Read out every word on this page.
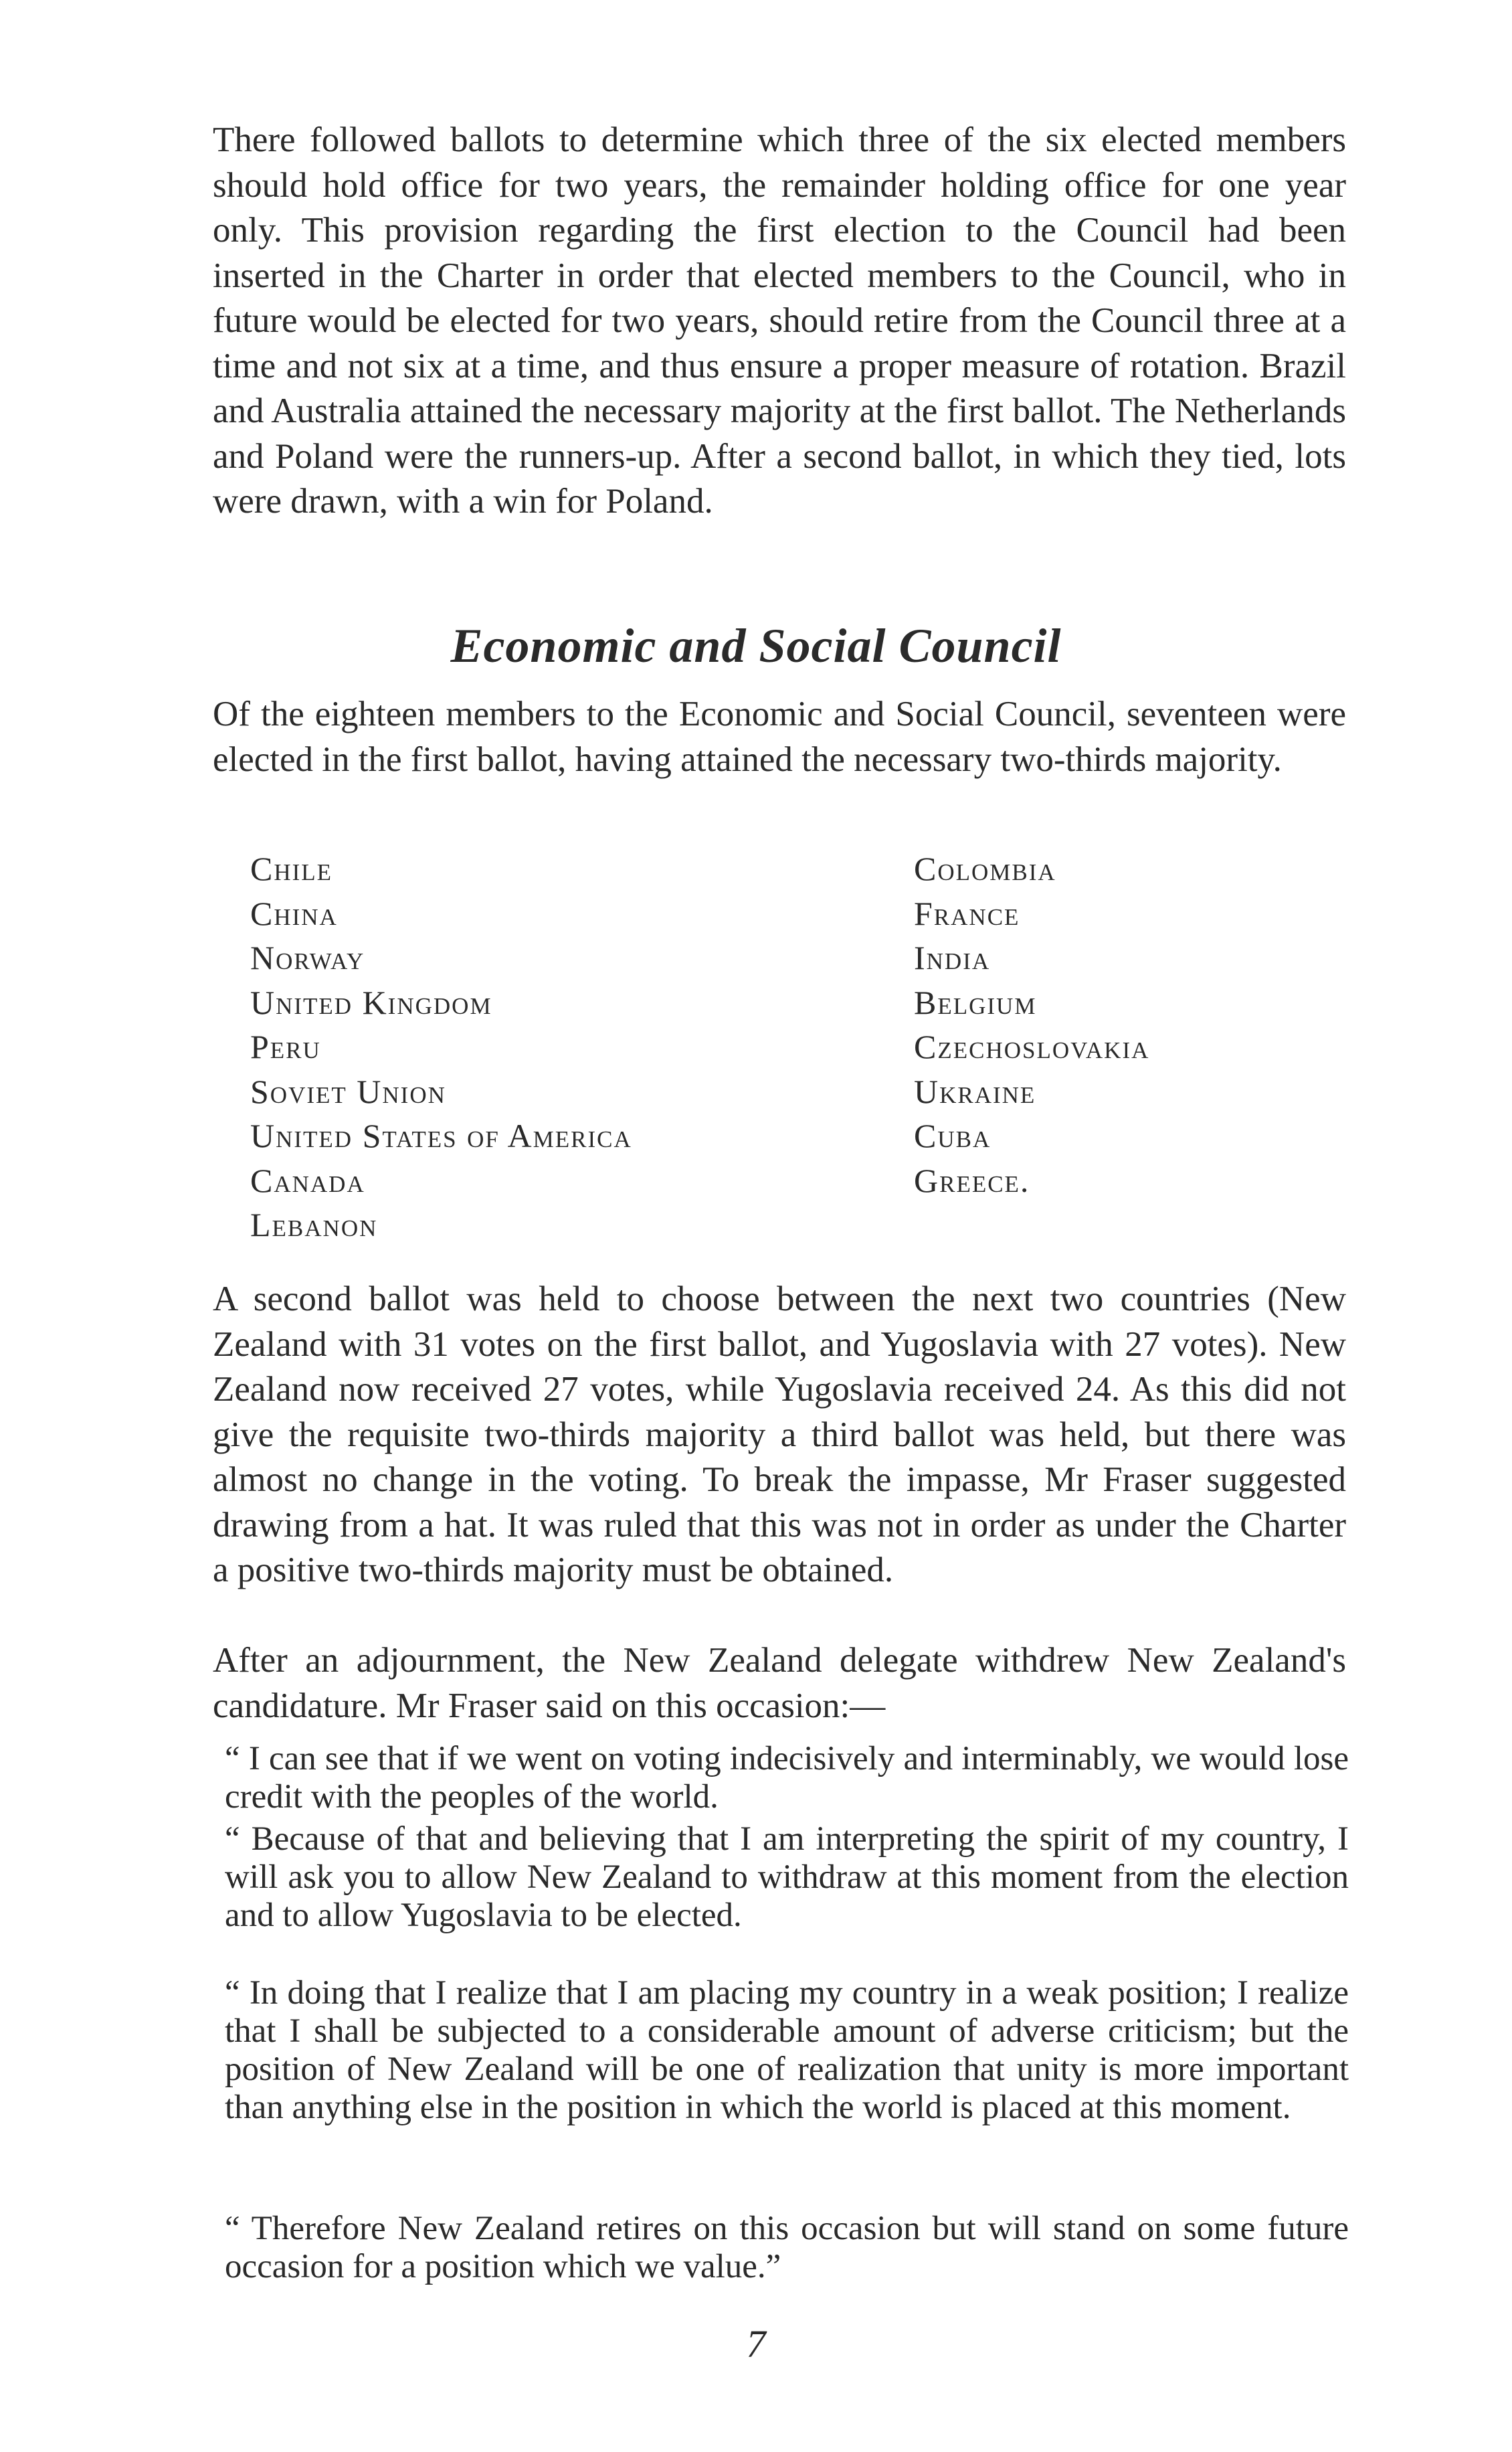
There followed ballots to determine which three of the six elected members should hold office for two years, the remainder holding office for one year only. This provision regarding the first election to the Council had been inserted in the Charter in order that elected members to the Council, who in future would be elected for two years, should retire from the Council three at a time and not six at a time, and thus ensure a proper measure of rotation. Brazil and Australia attained the necessary majority at the first ballot. The Netherlands and Poland were the runners-up. After a second ballot, in which they tied, lots were drawn, with a win for Poland.

Economic and Social Council

Of the eighteen members to the Economic and Social Council, seventeen were elected in the first ballot, having attained the necessary two-thirds majority.

Chile
China
Norway
United Kingdom
Peru
Soviet Union
United States of America
Canada
Lebanon
Colombia
France
India
Belgium
Czechoslovakia
Ukraine
Cuba
Greece.

A second ballot was held to choose between the next two countries (New Zealand with 31 votes on the first ballot, and Yugoslavia with 27 votes). New Zealand now received 27 votes, while Yugoslavia received 24. As this did not give the requisite two-thirds majority a third ballot was held, but there was almost no change in the voting. To break the impasse, Mr Fraser suggested drawing from a hat. It was ruled that this was not in order as under the Charter a positive two-thirds majority must be obtained.

After an adjournment, the New Zealand delegate withdrew New Zealand's candidature. Mr Fraser said on this occasion:—

“ I can see that if we went on voting indecisively and interminably, we would lose credit with the peoples of the world.

“ Because of that and believing that I am interpreting the spirit of my country, I will ask you to allow New Zealand to withdraw at this moment from the election and to allow Yugoslavia to be elected.

“ In doing that I realize that I am placing my country in a weak position; I realize that I shall be subjected to a considerable amount of adverse criticism; but the position of New Zealand will be one of realization that unity is more important than anything else in the position in which the world is placed at this moment.

“ Therefore New Zealand retires on this occasion but will stand on some future occasion for a position which we value.”

7
